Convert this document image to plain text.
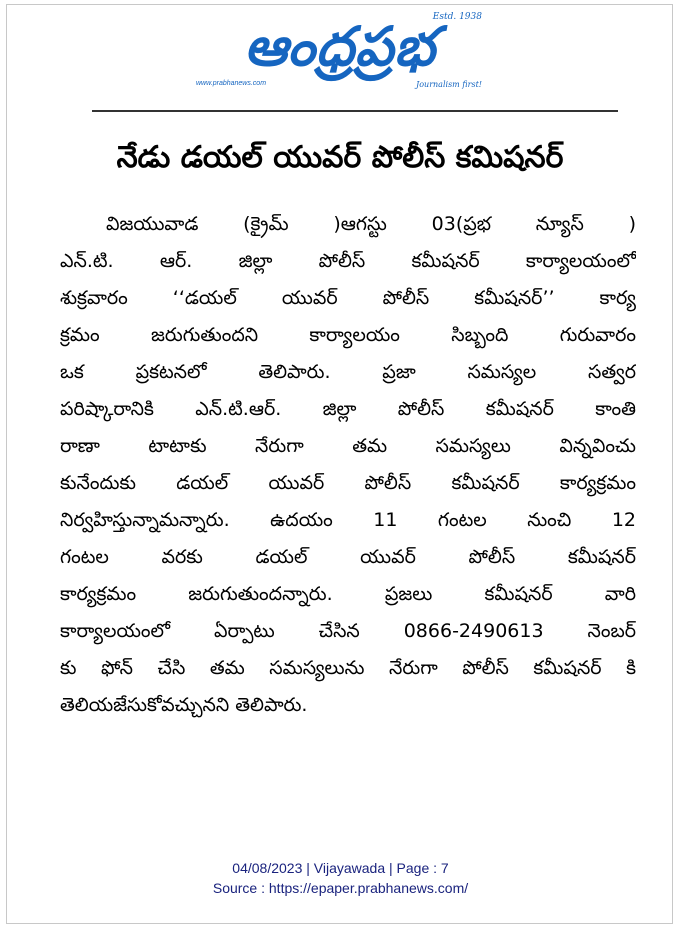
ఆంధ్రప్రభ
Estd. 1938
www.prabhanews.com	Journalism first!
నేడు డయల్ యువర్ పోలీస్ కమిషనర్
విజయువాడ (క్రైమ్ )ఆగస్టు 03(ప్రభ న్యూస్ )
ఎన్.టి. ఆర్. జిల్లా పోలీస్ కమీషనర్ కార్యాలయంలో
శుక్రవారం ‘‘డయల్ యువర్ పోలీస్ కమీషనర్’’ కార్య
క్రమం జరుగుతుందని కార్యాలయం సిబ్బంది గురువారం
ఒక ప్రకటనలో తెలిపారు. ప్రజా సమస్యల సత్వర
పరిష్కారానికి ఎన్.టి.ఆర్. జిల్లా పోలీస్ కమీషనర్ కాంతి
రాణా టాటాకు నేరుగా తమ సమస్యలు విన్నవించు
కునేందుకు డయల్ యువర్ పోలీస్ కమీషనర్ కార్యక్రమం
నిర్వహిస్తున్నామన్నారు. ఉదయం 11 గంటల నుంచి 12
గంటల వరకు డయల్ యువర్ పోలీస్ కమీషనర్
కార్యక్రమం జరుగుతుందన్నారు. ప్రజలు కమీషనర్ వారి
కార్యాలయంలో ఏర్పాటు చేసిన 0866-2490613 నెంబర్
కు ఫోన్ చేసి తమ సమస్యలును నేరుగా పోలీస్ కమీషనర్ కి
తెలియజేసుకోవచ్చునని తెలిపారు.
04/08/2023 | Vijayawada | Page : 7
Source : https://epaper.prabhanews.com/
